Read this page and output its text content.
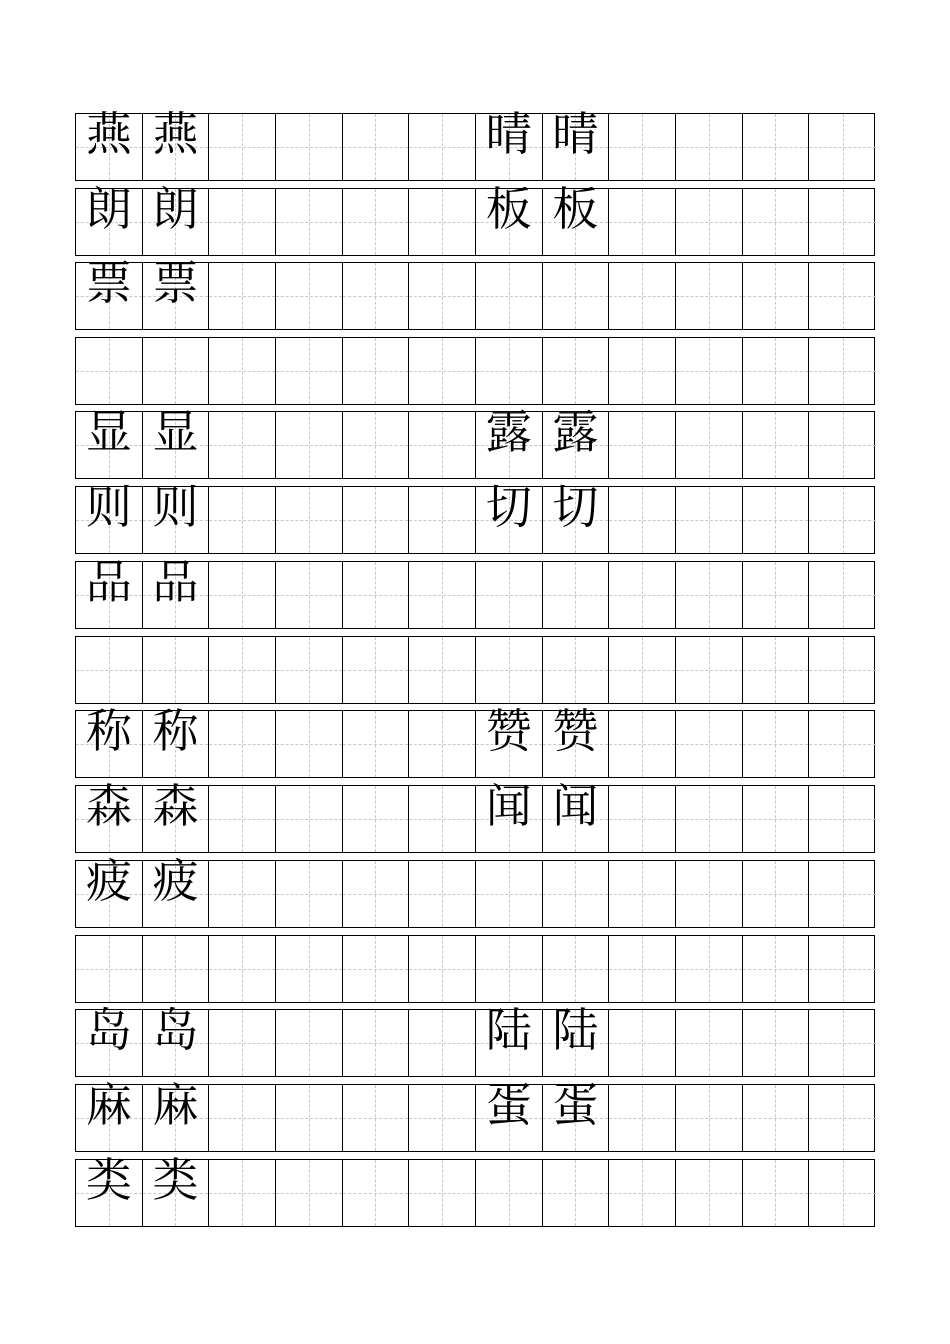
燕 燕	晴 晴
朗 朗	板 板
票 票
显 显	露 露
则 则	切 切
品 品
称 称	赞 赞
森 森	闻 闻
疲 疲
岛 岛	陆 陆
麻 麻	蛋 蛋
类 类
